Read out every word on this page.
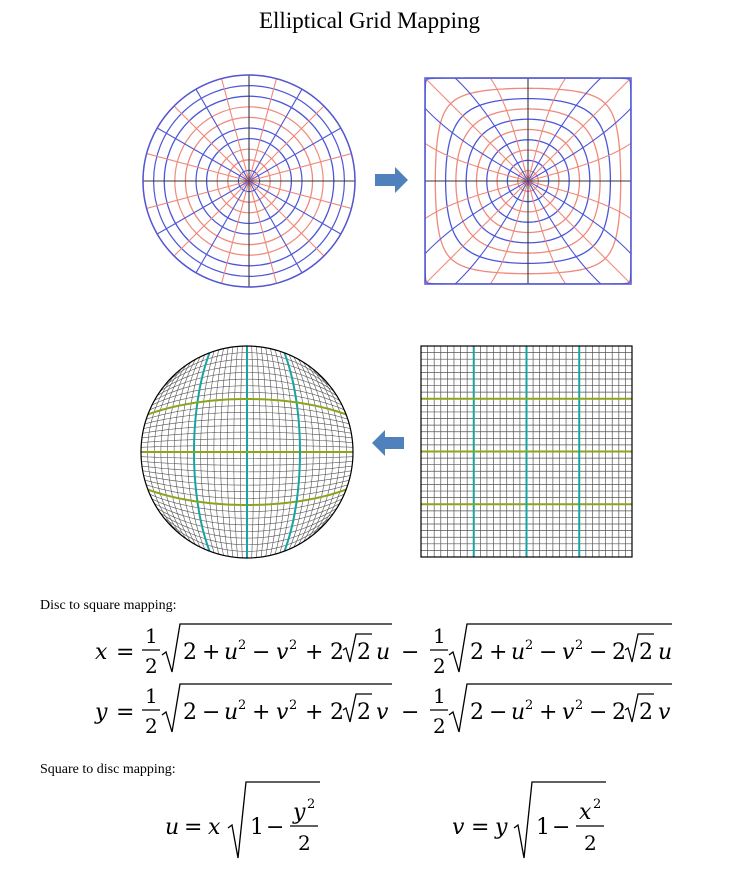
Elliptical Grid Mapping
Disc to square mapping:
x =
1
2
2 + u 2 − v 2 + 2 2 u −
1
2
2 + u 2 − v 2 − 2 2 u
y =
1
2
2 − u 2 + v 2 + 2 2 v −
1
2
2 − u 2 + v 2 − 2 2 v
u = x 1 −
y 2
2
v = y 1 −
x 2
2
Square to disc mapping:
